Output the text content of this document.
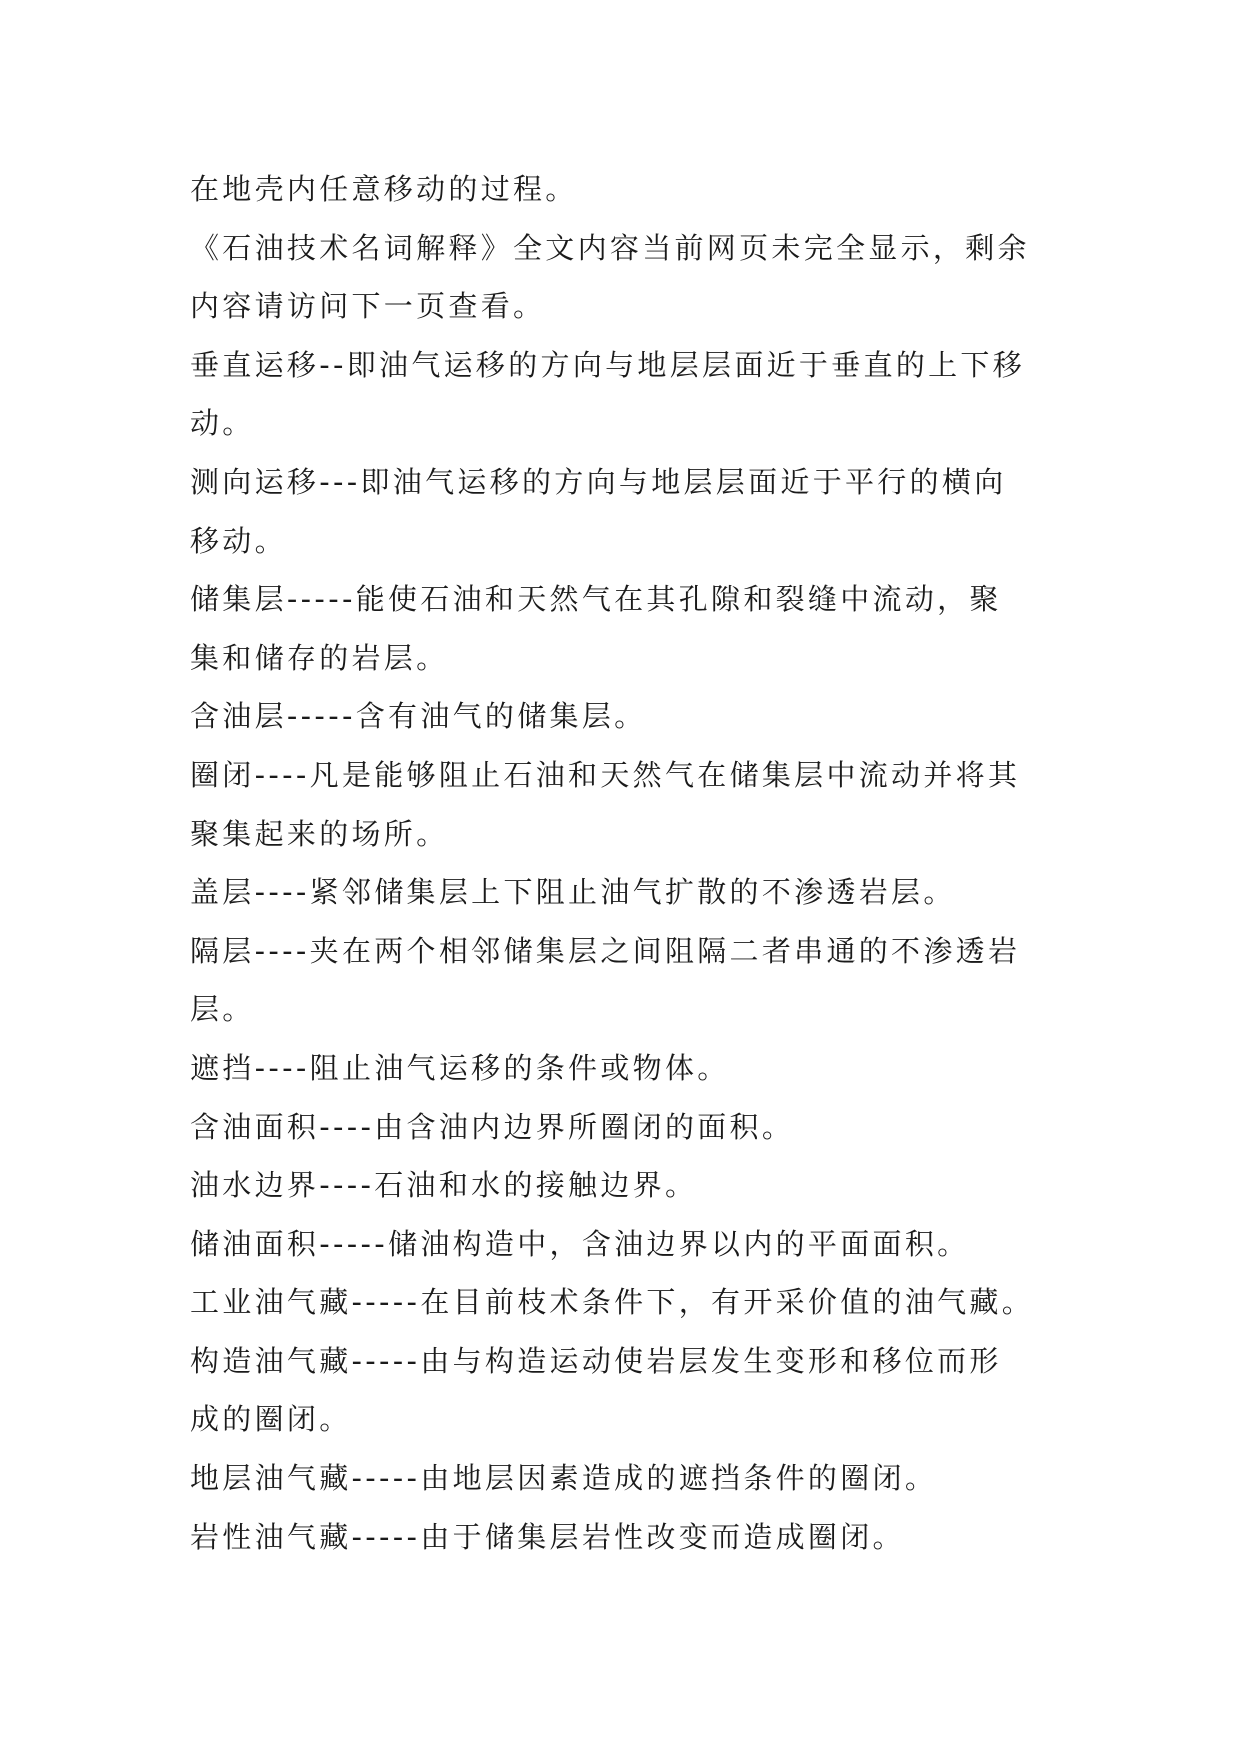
在地壳内任意移动的过程。
《石油技术名词解释》全文内容当前网页未完全显示，剩余
内容请访问下一页查看。
垂直运移--即油气运移的方向与地层层面近于垂直的上下移
动。
测向运移---即油气运移的方向与地层层面近于平行的横向
移动。
储集层-----能使石油和天然气在其孔隙和裂缝中流动，聚
集和储存的岩层。
含油层-----含有油气的储集层。
圈闭----凡是能够阻止石油和天然气在储集层中流动并将其
聚集起来的场所。
盖层----紧邻储集层上下阻止油气扩散的不渗透岩层。
隔层----夹在两个相邻储集层之间阻隔二者串通的不渗透岩
层。
遮挡----阻止油气运移的条件或物体。
含油面积----由含油内边界所圈闭的面积。
油水边界----石油和水的接触边界。
储油面积-----储油构造中，含油边界以内的平面面积。
工业油气藏-----在目前枝术条件下，有开采价值的油气藏。
构造油气藏-----由与构造运动使岩层发生变形和移位而形
成的圈闭。
地层油气藏-----由地层因素造成的遮挡条件的圈闭。
岩性油气藏-----由于储集层岩性改变而造成圈闭。
